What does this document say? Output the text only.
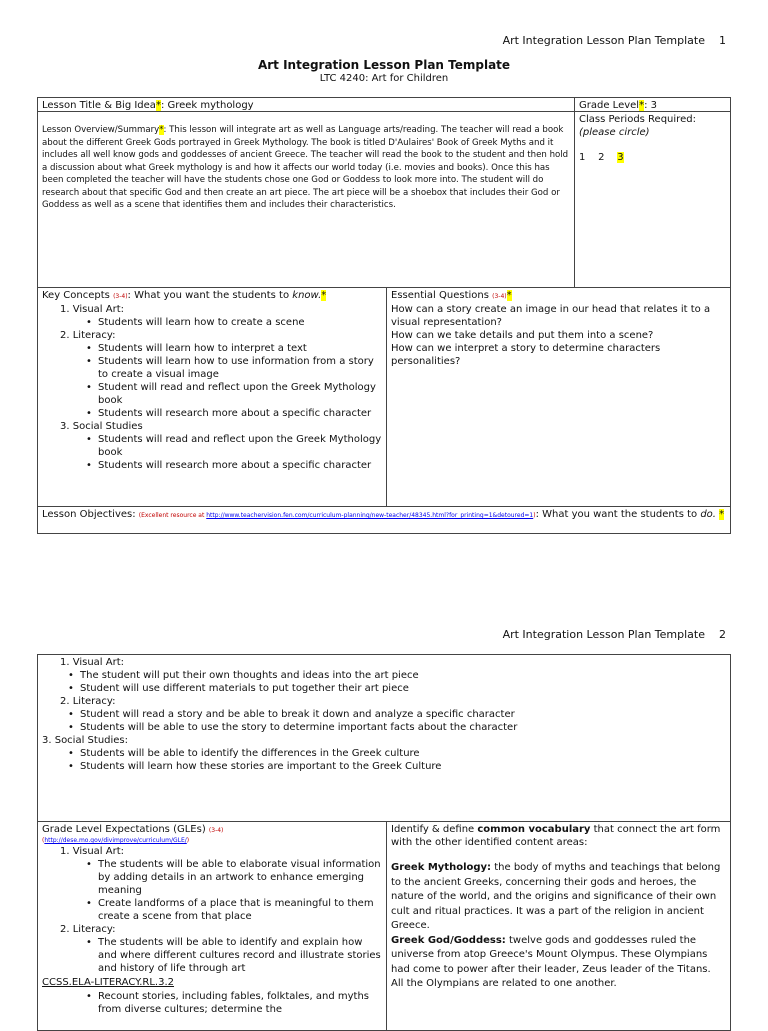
Art Integration Lesson Plan Template 1
Art Integration Lesson Plan Template
LTC 4240: Art for Children
Lesson Title & Big Idea*: Greek mythology	Grade Level*: 3
Lesson Overview/Summary*: This lesson will integrate art as well as Language arts/reading. The teacher will read a book about the different Greek Gods portrayed in Greek Mythology. The book is titled D'Aulaires' Book of Greek Myths and it includes all well know gods and goddesses of ancient Greece. The teacher will read the book to the student and then hold a discussion about what Greek mythology is and how it affects our world today (i.e. movies and books). Once this has been completed the teacher will have the students chose one God or Goddess to look more into. The student will do research about that specific God and then create an art piece. The art piece will be a shoebox that includes their God or Goddess as well as a scene that identifies them and includes their characteristics.
Class Periods Required:
(please circle)
1 2 3
Key Concepts (3-4): What you want the students to know.*
1. Visual Art:
• Students will learn how to create a scene
2. Literacy:
• Students will learn how to interpret a text
• Students will learn how to use information from a story to create a visual image
• Student will read and reflect upon the Greek Mythology book
• Students will research more about a specific character
3. Social Studies
• Students will read and reflect upon the Greek Mythology book
• Students will research more about a specific character
Essential Questions (3-4)*
How can a story create an image in our head that relates it to a visual representation?
How can we take details and put them into a scene?
How can we interpret a story to determine characters personalities?
Lesson Objectives: (Excellent resource at http://www.teachervision.fen.com/curriculum-planning/new-teacher/48345.html?for_printing=1&detoured=1): What you want the students to do. *
Art Integration Lesson Plan Template 2
1. Visual Art:
• The student will put their own thoughts and ideas into the art piece
• Student will use different materials to put together their art piece
2. Literacy:
• Student will read a story and be able to break it down and analyze a specific character
• Students will be able to use the story to determine important facts about the character
3. Social Studies:
• Students will be able to identify the differences in the Greek culture
• Students will learn how these stories are important to the Greek Culture
Grade Level Expectations (GLEs) (3-4)
(http://dese.mo.gov/divimprove/curriculum/GLE/)
1. Visual Art:
• The students will be able to elaborate visual information by adding details in an artwork to enhance emerging meaning
• Create landforms of a place that is meaningful to them create a scene from that place
2. Literacy:
• The students will be able to identify and explain how and where different cultures record and illustrate stories and history of life through art
CCSS.ELA-LITERACY.RL.3.2
• Recount stories, including fables, folktales, and myths from diverse cultures; determine the
Identify & define common vocabulary that connect the art form with the other identified content areas:
Greek Mythology: the body of myths and teachings that belong to the ancient Greeks, concerning their gods and heroes, the nature of the world, and the origins and significance of their own cult and ritual practices. It was a part of the religion in ancient Greece.
Greek God/Goddess: twelve gods and goddesses ruled the universe from atop Greece's Mount Olympus. These Olympians had come to power after their leader, Zeus leader of the Titans. All the Olympians are related to one another.
